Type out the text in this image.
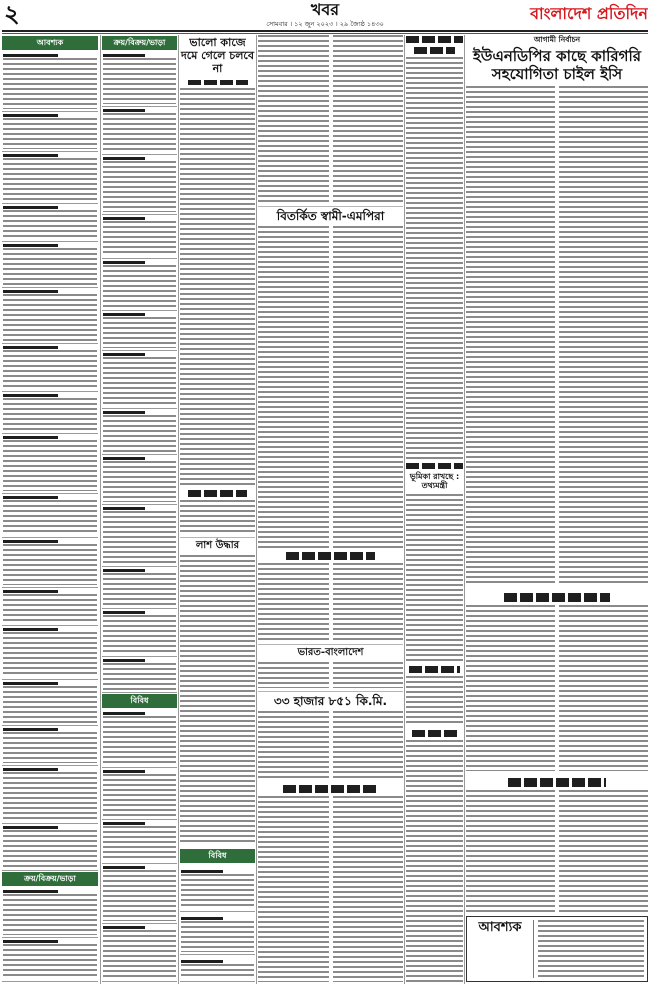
২	খবর
সোমবার । ১২ জুন ২০২৩ । ২৯ জ্যৈষ্ঠ ১৪৩০
বাংলাদেশ প্রতিদিন
আবশ্যক
ক্রয়/বিক্রয়/ভাড়া
ক্রয়/বিক্রয়/ভাড়া
বিবিধ
ভালো কাজে দমে গেলে চলবে না
লাশ উদ্ধার
বিবিধ
বিতর্কিত স্বামী-এমপিরা
ভারত-বাংলাদেশ
৩৩ হাজার ৮৫১ কি.মি.
ভূমিকা রাখছে : তথ্যমন্ত্রী
আগামী নির্বাচন
ইউএনডিপির কাছে কারিগরি সহযোগিতা চাইল ইসি
আবশ্যক
